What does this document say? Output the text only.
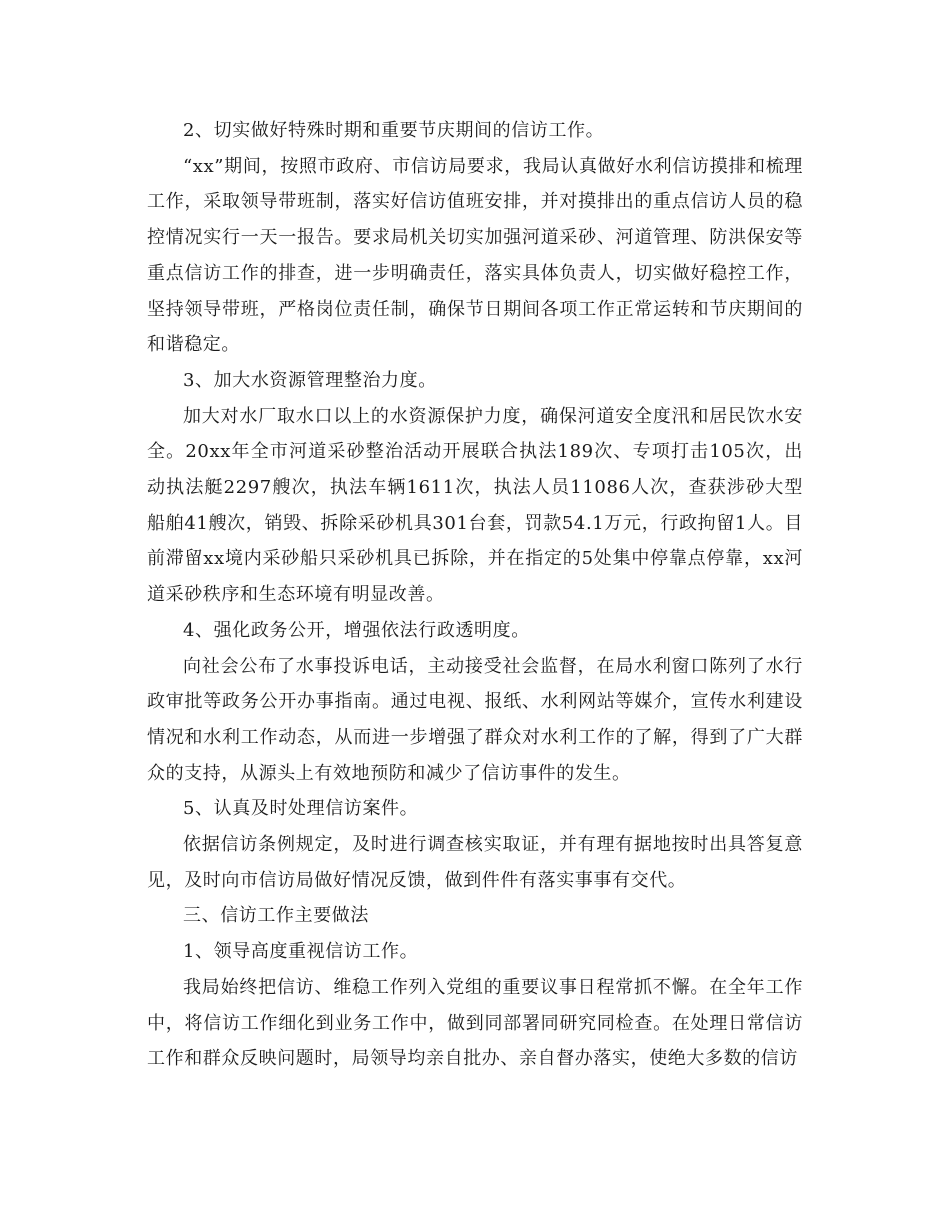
2、切实做好特殊时期和重要节庆期间的信访工作。

“xx”期间，按照市政府、市信访局要求，我局认真做好水利信访摸排和梳理工作，采取领导带班制，落实好信访值班安排，并对摸排出的重点信访人员的稳控情况实行一天一报告。要求局机关切实加强河道采砂、河道管理、防洪保安等重点信访工作的排查，进一步明确责任，落实具体负责人，切实做好稳控工作，坚持领导带班，严格岗位责任制，确保节日期间各项工作正常运转和节庆期间的和谐稳定。

3、加大水资源管理整治力度。

加大对水厂取水口以上的水资源保护力度，确保河道安全度汛和居民饮水安全。20xx年全市河道采砂整治活动开展联合执法189次、专项打击105次，出动执法艇2297艘次，执法车辆1611次，执法人员11086人次，查获涉砂大型船舶41艘次，销毁、拆除采砂机具301台套，罚款54.1万元，行政拘留1人。目前滞留xx境内采砂船只采砂机具已拆除，并在指定的5处集中停靠点停靠，xx河道采砂秩序和生态环境有明显改善。

4、强化政务公开，增强依法行政透明度。

向社会公布了水事投诉电话，主动接受社会监督，在局水利窗口陈列了水行政审批等政务公开办事指南。通过电视、报纸、水利网站等媒介，宣传水利建设情况和水利工作动态，从而进一步增强了群众对水利工作的了解，得到了广大群众的支持，从源头上有效地预防和减少了信访事件的发生。

5、认真及时处理信访案件。

依据信访条例规定，及时进行调查核实取证，并有理有据地按时出具答复意见，及时向市信访局做好情况反馈，做到件件有落实事事有交代。

三、信访工作主要做法

1、领导高度重视信访工作。

我局始终把信访、维稳工作列入党组的重要议事日程常抓不懈。在全年工作中，将信访工作细化到业务工作中，做到同部署同研究同检查。在处理日常信访工作和群众反映问题时，局领导均亲自批办、亲自督办落实，使绝大多数的信访
